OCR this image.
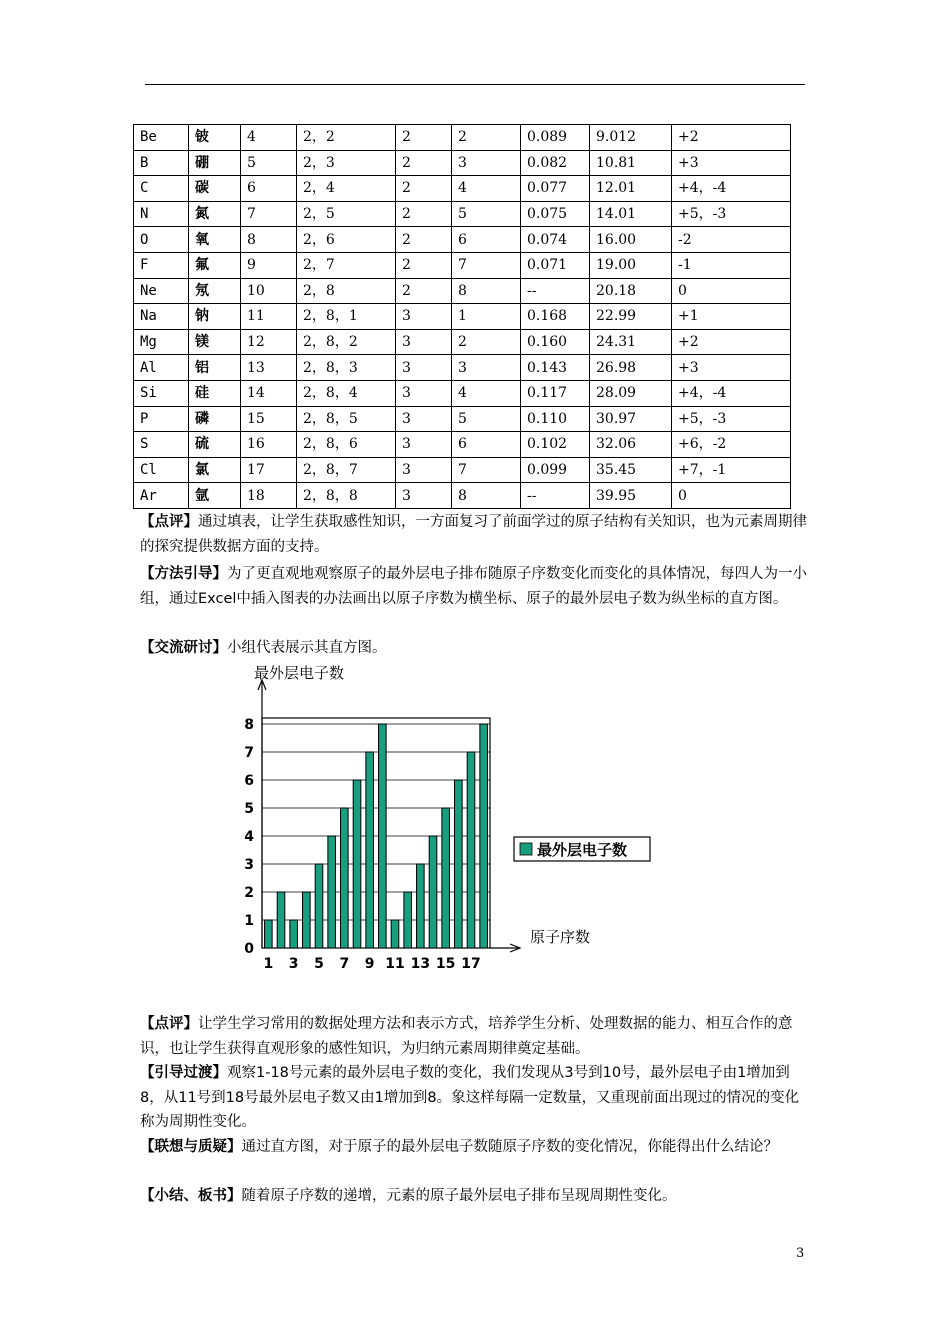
Be	铍	4	2，2	2	2	0.089	9.012	+2
B	硼	5	2，3	2	3	0.082	10.81	+3
C	碳	6	2，4	2	4	0.077	12.01	+4，-4
N	氮	7	2，5	2	5	0.075	14.01	+5，-3
O	氧	8	2，6	2	6	0.074	16.00	-2
F	氟	9	2，7	2	7	0.071	19.00	-1
Ne	氖	10	2，8	2	8	--	20.18	0
Na	钠	11	2，8，1	3	1	0.168	22.99	+1
Mg	镁	12	2，8，2	3	2	0.160	24.31	+2
Al	铝	13	2，8，3	3	3	0.143	26.98	+3
Si	硅	14	2，8，4	3	4	0.117	28.09	+4，-4
P	磷	15	2，8，5	3	5	0.110	30.97	+5，-3
S	硫	16	2，8，6	3	6	0.102	32.06	+6，-2
Cl	氯	17	2，8，7	3	7	0.099	35.45	+7，-1
Ar	氩	18	2，8，8	3	8	--	39.95	0
【点评】通过填表，让学生获取感性知识，一方面复习了前面学过的原子结构有关知识，也为元素周期律的探究提供数据方面的支持。
【方法引导】为了更直观地观察原子的最外层电子排布随原子序数变化而变化的具体情况，每四人为一小组，通过Excel中插入图表的办法画出以原子序数为横坐标、原子的最外层电子数为纵坐标的直方图。
【交流研讨】小组代表展示其直方图。
最外层电子数
0
1
2
3
4
5
6
7
8
1 3 5 7 9 11 13 15 17
最外层电子数
原子序数
【点评】让学生学习常用的数据处理方法和表示方式，培养学生分析、处理数据的能力、相互合作的意识，也让学生获得直观形象的感性知识，为归纳元素周期律奠定基础。
【引导过渡】观察1-18号元素的最外层电子数的变化，我们发现从3号到10号，最外层电子由1增加到8，从11号到18号最外层电子数又由1增加到8。象这样每隔一定数量，又重现前面出现过的情况的变化称为周期性变化。
【联想与质疑】通过直方图，对于原子的最外层电子数随原子序数的变化情况，你能得出什么结论？
【小结、板书】随着原子序数的递增，元素的原子最外层电子排布呈现周期性变化。
3
